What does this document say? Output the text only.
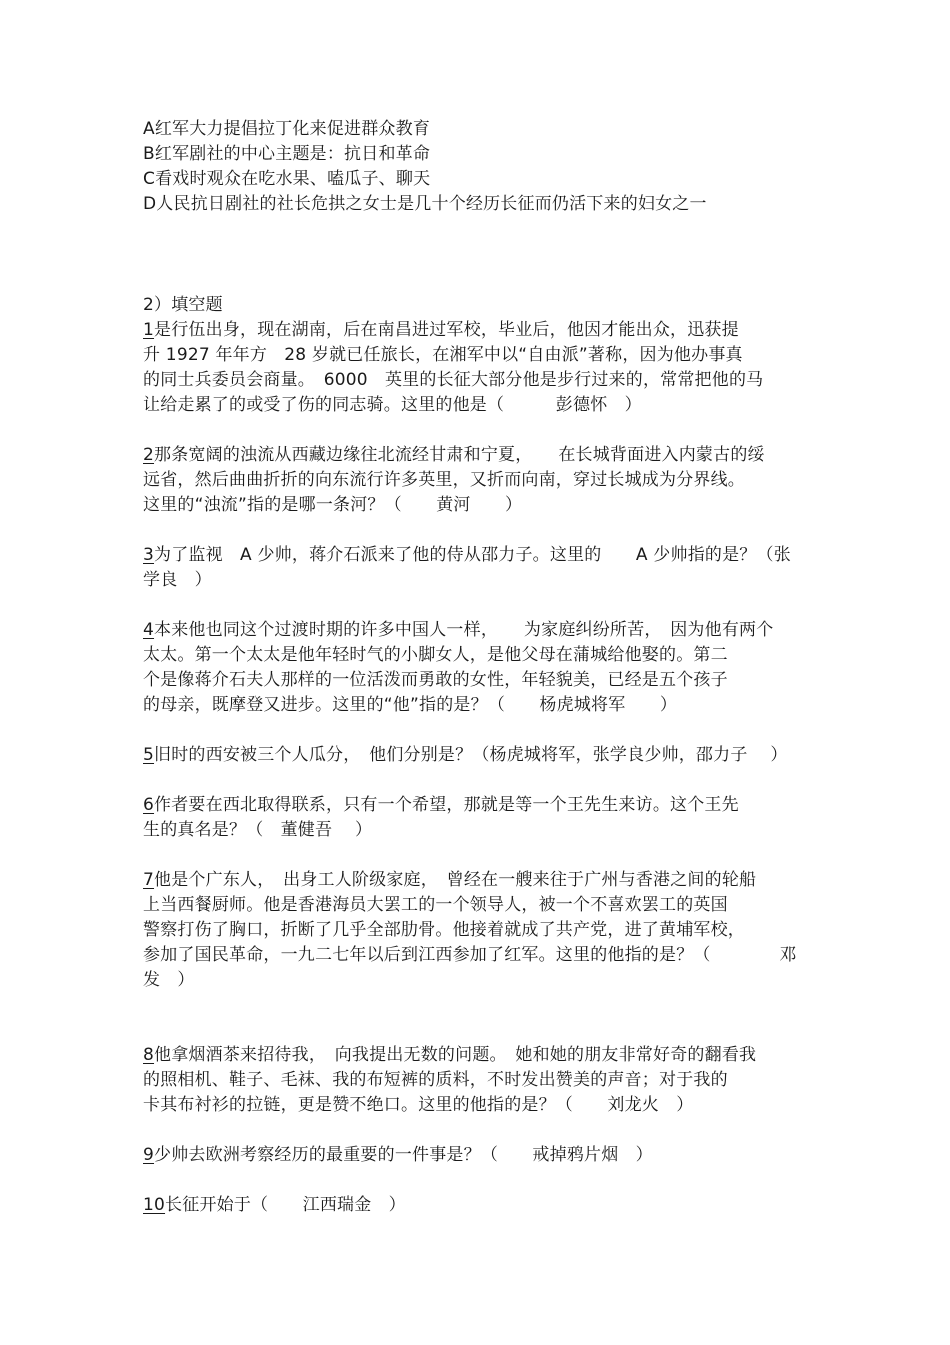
A红军大力提倡拉丁化来促进群众教育
B红军剧社的中心主题是：抗日和革命
C看戏时观众在吃水果、嗑瓜子、聊天
D人民抗日剧社的社长危拱之女士是几十个经历长征而仍活下来的妇女之一
2）填空题
1是行伍出身，现在湖南，后在南昌进过军校，毕业后，他因才能出众，迅获提
升 1927 年年方　28 岁就已任旅长，在湘军中以“自由派”著称，因为他办事真
的同士兵委员会商量。　6000　英里的长征大部分他是步行过来的，常常把他的马
让给走累了的或受了伤的同志骑。这里的他是（　　　彭德怀　）
2那条宽阔的浊流从西藏边缘往北流经甘肃和宁夏，　　在长城背面进入内蒙古的绥
远省，然后曲曲折折的向东流行许多英里，又折而向南，穿过长城成为分界线。
这里的“浊流”指的是哪一条河？（　　黄河　　）
3为了监视　A 少帅，蒋介石派来了他的侍从邵力子。这里的　　A 少帅指的是？（张
学良　）
4本来他也同这个过渡时期的许多中国人一样，　　为家庭纠纷所苦，　因为他有两个
太太。第一个太太是他年轻时气的小脚女人，是他父母在蒲城给他娶的。第二
个是像蒋介石夫人那样的一位活泼而勇敢的女性，年轻貌美，已经是五个孩子
的母亲，既摩登又进步。这里的“他”指的是？（　　杨虎城将军　　）
5旧时的西安被三个人瓜分，　他们分别是？（杨虎城将军，张学良少帅，邵力子　 ）
6作者要在西北取得联系，只有一个希望，那就是等一个王先生来访。这个王先
生的真名是？（　董健吾　 ）
7他是个广东人，　出身工人阶级家庭，　曾经在一艘来往于广州与香港之间的轮船
上当西餐厨师。他是香港海员大罢工的一个领导人，被一个不喜欢罢工的英国
警察打伤了胸口，折断了几乎全部肋骨。他接着就成了共产党，进了黄埔军校，
参加了国民革命，一九二七年以后到江西参加了红军。这里的他指的是？（　　　　邓
发　）
8他拿烟酒茶来招待我，　向我提出无数的问题。　她和她的朋友非常好奇的翻看我
的照相机、鞋子、毛袜、我的布短裤的质料，不时发出赞美的声音；对于我的
卡其布衬衫的拉链，更是赞不绝口。这里的他指的是？（　　刘龙火　）
9少帅去欧洲考察经历的最重要的一件事是？（　　戒掉鸦片烟　）
10长征开始于（　　江西瑞金　）
